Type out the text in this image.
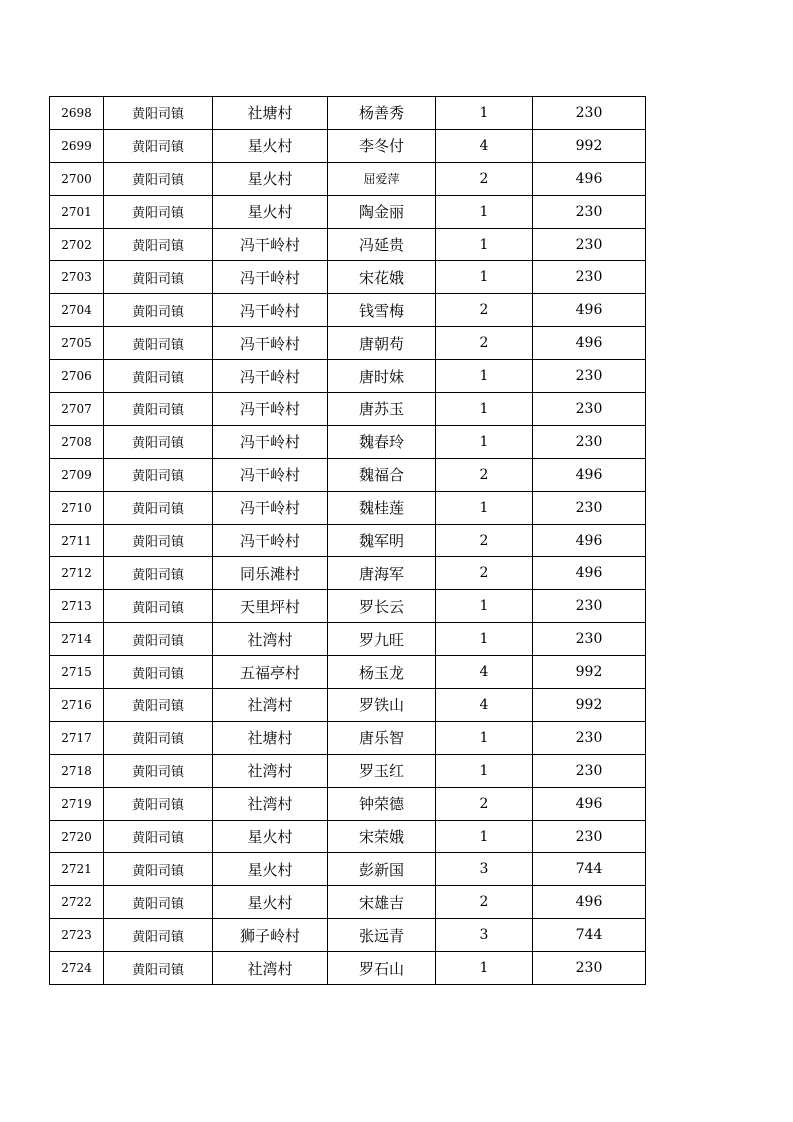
2698	黄阳司镇	社塘村	杨善秀	1	230
2699	黄阳司镇	星火村	李冬付	4	992
2700	黄阳司镇	星火村	屈爱萍	2	496
2701	黄阳司镇	星火村	陶金丽	1	230
2702	黄阳司镇	冯干岭村	冯延贵	1	230
2703	黄阳司镇	冯干岭村	宋花娥	1	230
2704	黄阳司镇	冯干岭村	钱雪梅	2	496
2705	黄阳司镇	冯干岭村	唐朝苟	2	496
2706	黄阳司镇	冯干岭村	唐时妹	1	230
2707	黄阳司镇	冯干岭村	唐苏玉	1	230
2708	黄阳司镇	冯干岭村	魏春玲	1	230
2709	黄阳司镇	冯干岭村	魏福合	2	496
2710	黄阳司镇	冯干岭村	魏桂莲	1	230
2711	黄阳司镇	冯干岭村	魏军明	2	496
2712	黄阳司镇	同乐滩村	唐海军	2	496
2713	黄阳司镇	天里坪村	罗长云	1	230
2714	黄阳司镇	社湾村	罗九旺	1	230
2715	黄阳司镇	五福亭村	杨玉龙	4	992
2716	黄阳司镇	社湾村	罗铁山	4	992
2717	黄阳司镇	社塘村	唐乐智	1	230
2718	黄阳司镇	社湾村	罗玉红	1	230
2719	黄阳司镇	社湾村	钟荣德	2	496
2720	黄阳司镇	星火村	宋荣娥	1	230
2721	黄阳司镇	星火村	彭新国	3	744
2722	黄阳司镇	星火村	宋雄吉	2	496
2723	黄阳司镇	狮子岭村	张远青	3	744
2724	黄阳司镇	社湾村	罗石山	1	230
